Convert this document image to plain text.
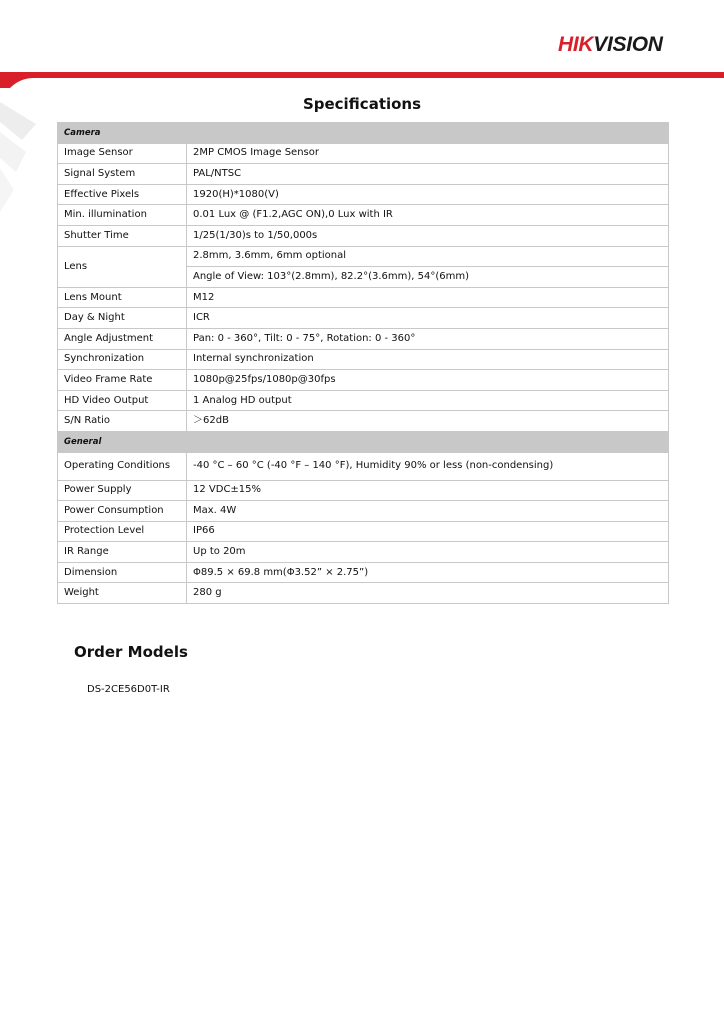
HIKVISION
Specifications
Camera	
Image Sensor	2MP CMOS Image Sensor
Signal System	PAL/NTSC
Effective Pixels	1920(H)*1080(V)
Min. illumination	0.01 Lux @ (F1.2,AGC ON),0 Lux with IR
Shutter Time	1/25(1/30)s to 1/50,000s
Lens	2.8mm, 3.6mm, 6mm optional
	Angle of View: 103°(2.8mm), 82.2°(3.6mm), 54°(6mm)
Lens Mount	M12
Day & Night	ICR
Angle Adjustment	Pan: 0 - 360°, Tilt: 0 - 75°, Rotation: 0 - 360°
Synchronization	Internal synchronization
Video Frame Rate	1080p@25fps/1080p@30fps
HD Video Output	1 Analog HD output
S/N Ratio	＞62dB
General	
Operating Conditions	-40 °C – 60 °C (-40 °F – 140 °F), Humidity 90% or less (non-condensing)
Power Supply	12 VDC±15%
Power Consumption	Max. 4W
Protection Level	IP66
IR Range	Up to 20m
Dimension	Φ89.5 × 69.8 mm(Φ3.52” × 2.75”)
Weight	280 g
Order Models
DS-2CE56D0T-IR
